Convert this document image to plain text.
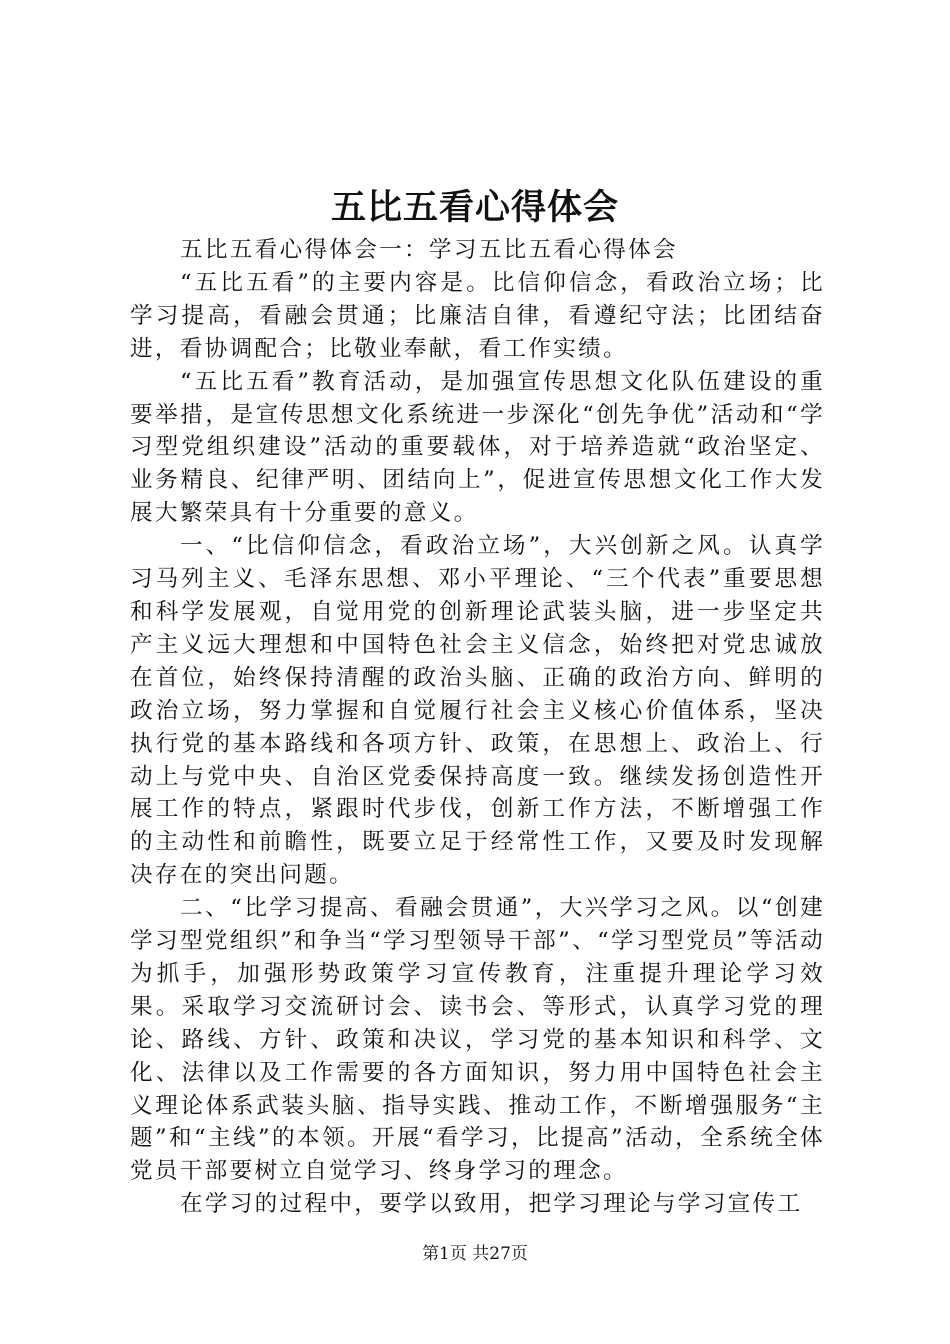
五比五看心得体会

五比五看心得体会一：学习五比五看心得体会

“五比五看”的主要内容是。比信仰信念，看政治立场；比学习提高，看融会贯通；比廉洁自律，看遵纪守法；比团结奋进，看协调配合；比敬业奉献，看工作实绩。

“五比五看”教育活动，是加强宣传思想文化队伍建设的重要举措，是宣传思想文化系统进一步深化“创先争优”活动和“学习型党组织建设”活动的重要载体，对于培养造就“政治坚定、业务精良、纪律严明、团结向上”，促进宣传思想文化工作大发展大繁荣具有十分重要的意义。

一、“比信仰信念，看政治立场”，大兴创新之风。认真学习马列主义、毛泽东思想、邓小平理论、“三个代表”重要思想和科学发展观，自觉用党的创新理论武装头脑，进一步坚定共产主义远大理想和中国特色社会主义信念，始终把对党忠诚放在首位，始终保持清醒的政治头脑、正确的政治方向、鲜明的政治立场，努力掌握和自觉履行社会主义核心价值体系，坚决执行党的基本路线和各项方针、政策，在思想上、政治上、行动上与党中央、自治区党委保持高度一致。继续发扬创造性开展工作的特点，紧跟时代步伐，创新工作方法，不断增强工作的主动性和前瞻性，既要立足于经常性工作，又要及时发现解决存在的突出问题。

二、“比学习提高、看融会贯通”，大兴学习之风。以“创建学习型党组织”和争当“学习型领导干部”、“学习型党员”等活动为抓手，加强形势政策学习宣传教育，注重提升理论学习效果。采取学习交流研讨会、读书会、等形式，认真学习党的理论、路线、方针、政策和决议，学习党的基本知识和科学、文化、法律以及工作需要的各方面知识，努力用中国特色社会主义理论体系武装头脑、指导实践、推动工作，不断增强服务“主题”和“主线”的本领。开展“看学习，比提高”活动，全系统全体党员干部要树立自觉学习、终身学习的理念。

在学习的过程中，要学以致用，把学习理论与学习宣传工

第1页 共27页
